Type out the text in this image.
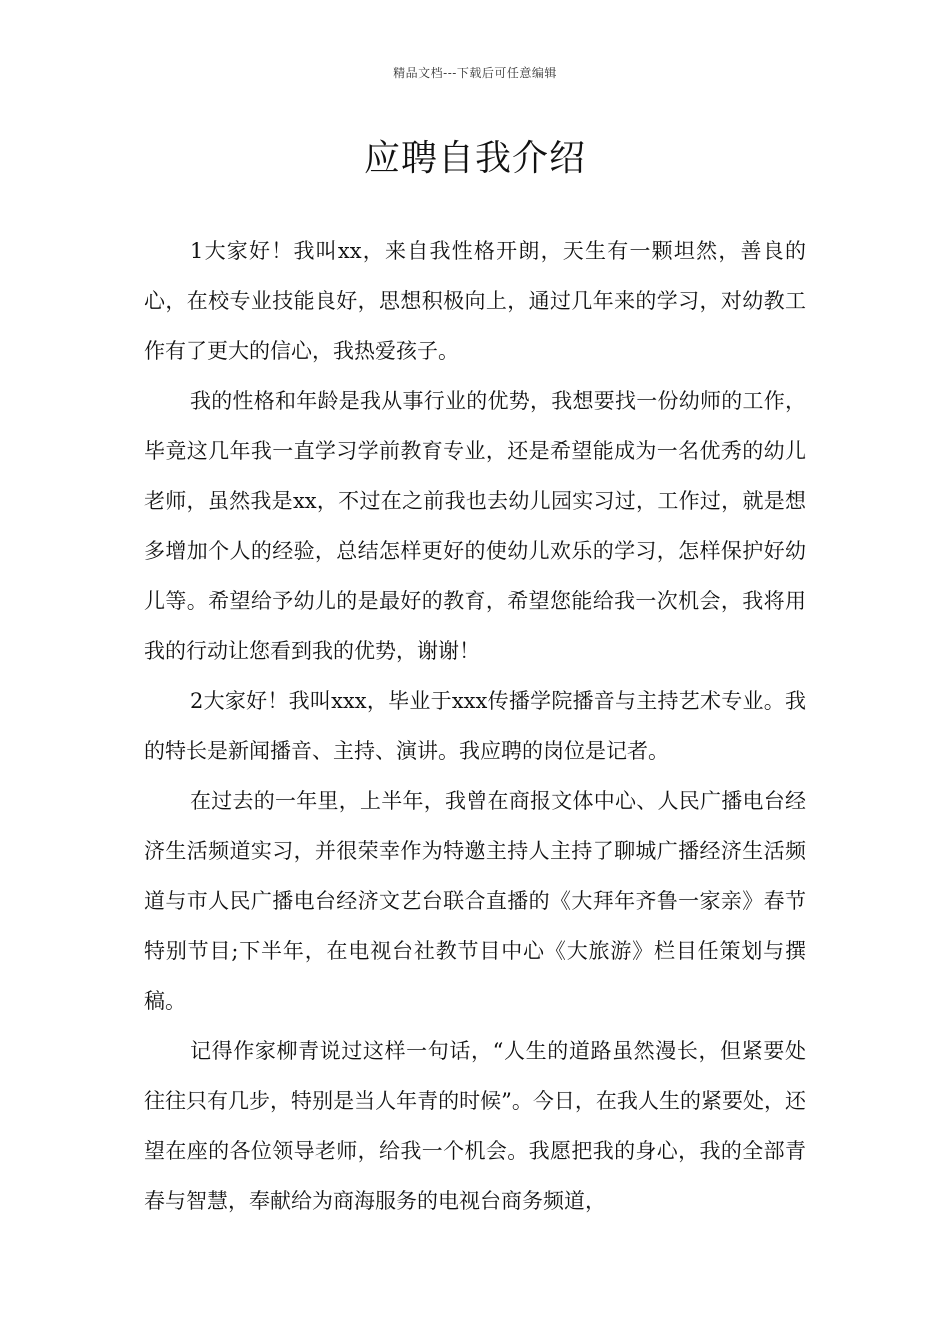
精品文档---下载后可任意编辑
应聘自我介绍

1大家好！我叫xx，来自我性格开朗，天生有一颗坦然，善良的心，在校专业技能良好，思想积极向上，通过几年来的学习，对幼教工作有了更大的信心，我热爱孩子。

我的性格和年龄是我从事行业的优势，我想要找一份幼师的工作，毕竟这几年我一直学习学前教育专业，还是希望能成为一名优秀的幼儿老师，虽然我是xx，不过在之前我也去幼儿园实习过，工作过，就是想多增加个人的经验，总结怎样更好的使幼儿欢乐的学习，怎样保护好幼儿等。希望给予幼儿的是最好的教育，希望您能给我一次机会，我将用我的行动让您看到我的优势，谢谢！

2大家好！我叫xxx，毕业于xxx传播学院播音与主持艺术专业。我的特长是新闻播音、主持、演讲。我应聘的岗位是记者。

在过去的一年里，上半年，我曾在商报文体中心、人民广播电台经济生活频道实习，并很荣幸作为特邀主持人主持了聊城广播经济生活频道与市人民广播电台经济文艺台联合直播的《大拜年齐鲁一家亲》春节特别节目;下半年，在电视台社教节目中心《大旅游》栏目任策划与撰稿。

记得作家柳青说过这样一句话，“人生的道路虽然漫长，但紧要处往往只有几步，特别是当人年青的时候”。今日，在我人生的紧要处，还望在座的各位领导老师，给我一个机会。我愿把我的身心，我的全部青春与智慧，奉献给为商海服务的电视台商务频道，
